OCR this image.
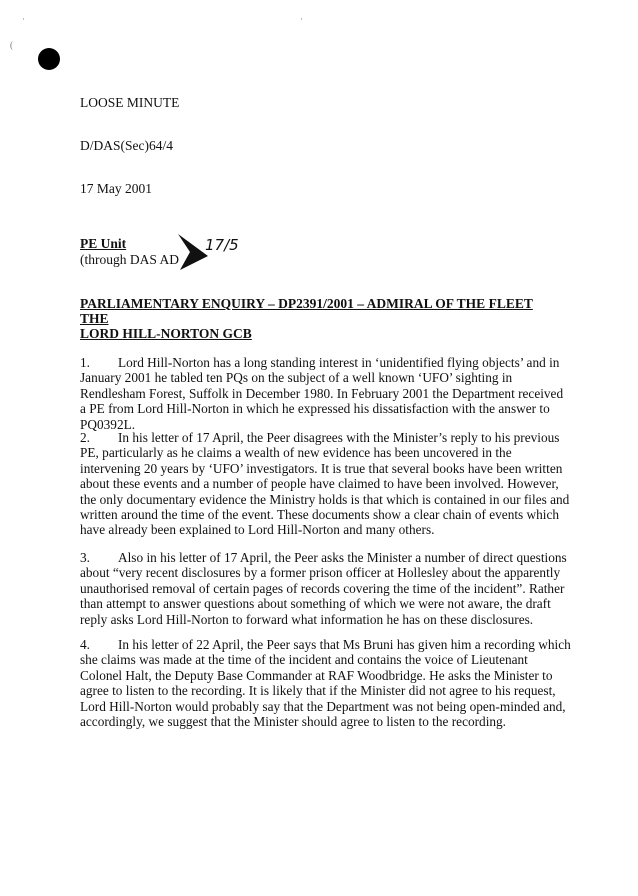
·
(
·
LOOSE MINUTE
D/DAS(Sec)64/4
17 May 2001
PE Unit
(through DAS AD
17/5
PARLIAMENTARY ENQUIRY – DP2391/2001 – ADMIRAL OF THE FLEET THE
LORD HILL-NORTON GCB
1. Lord Hill-Norton has a long standing interest in ‘unidentified flying objects’ and in January 2001 he tabled ten PQs on the subject of a well known ‘UFO’ sighting in Rendlesham Forest, Suffolk in December 1980. In February 2001 the Department received a PE from Lord Hill-Norton in which he expressed his dissatisfaction with the answer to PQ0392L.
2. In his letter of 17 April, the Peer disagrees with the Minister’s reply to his previous PE, particularly as he claims a wealth of new evidence has been uncovered in the intervening 20 years by ‘UFO’ investigators. It is true that several books have been written about these events and a number of people have claimed to have been involved. However, the only documentary evidence the Ministry holds is that which is contained in our files and written around the time of the event. These documents show a clear chain of events which have already been explained to Lord Hill-Norton and many others.
3. Also in his letter of 17 April, the Peer asks the Minister a number of direct questions about “very recent disclosures by a former prison officer at Hollesley about the apparently unauthorised removal of certain pages of records covering the time of the incident”. Rather than attempt to answer questions about something of which we were not aware, the draft reply asks Lord Hill-Norton to forward what information he has on these disclosures.
4. In his letter of 22 April, the Peer says that Ms Bruni has given him a recording which she claims was made at the time of the incident and contains the voice of Lieutenant Colonel Halt, the Deputy Base Commander at RAF Woodbridge. He asks the Minister to agree to listen to the recording. It is likely that if the Minister did not agree to his request, Lord Hill-Norton would probably say that the Department was not being open-minded and, accordingly, we suggest that the Minister should agree to listen to the recording.
